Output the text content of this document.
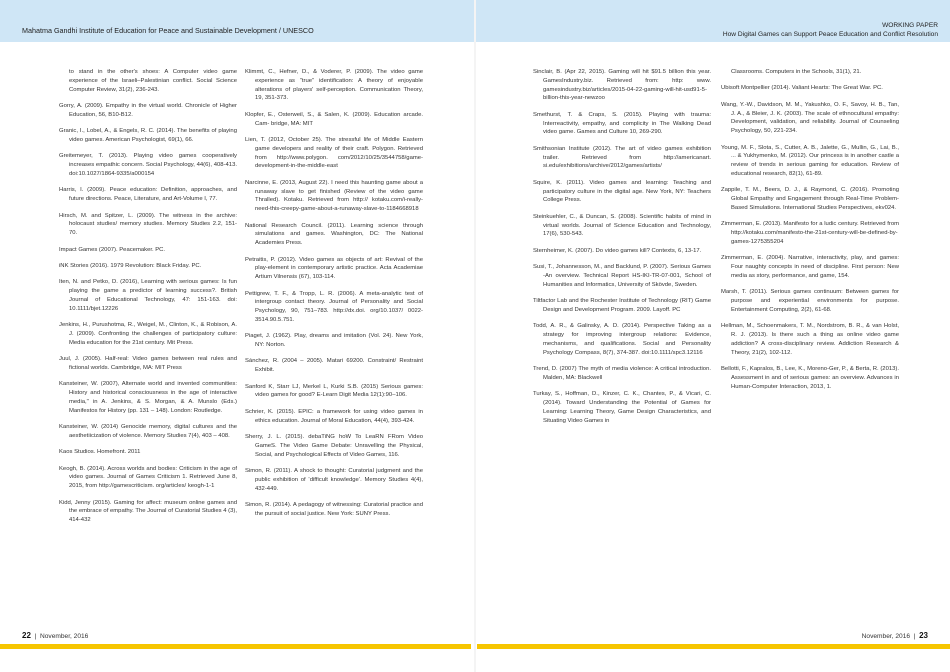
Mahatma Gandhi Institute of Education for Peace and Sustainable Development / UNESCO
WORKING PAPER
How Digital Games can Support Peace Education and Conflict Resolution
to stand in the other's shoes: A Computer video game experience of the Israeli–Palestinian conflict. Social Science Computer Review, 31(2), 236-243.
Gorry, A. (2009). Empathy in the virtual world. Chronicle of Higher Education, 56, B10-B12.
Granic, I., Lobel, A., & Engels, R. C. (2014). The benefits of playing video games. American Psychologist, 69(1), 66.
Greitemeyer, T. (2013). Playing video games cooperatively increases empathic concern. Social Psychology, 44(6), 408-413. doi:10.1027/1864-9335/a000154
Harris, I. (2009). Peace education: Definition, approaches, and future directions. Peace, Literature, and Art-Volume I, 77.
Hirsch, M. and Spitzer, L. (2009). The witness in the archive: holocaust studies/ memory studies. Memory Studies 2.2, 151-70.
Impact Games (2007). Peacemaker. PC.
iNK Stories (2016). 1979 Revolution: Black Friday. PC.
Iten, N. and Petko, D. (2016), Learning with serious games: Is fun playing the game a predictor of learning success?. British Journal of Educational Technology, 47: 151-163. doi: 10.1111/bjet.12226
Jenkins, H., Purushotma, R., Weigel, M., Clinton, K., & Robison, A. J. (2009). Confronting the challenges of participatory culture: Media education for the 21st century. Mit Press.
Juul, J. (2005). Half-real: Video games between real rules and fictional worlds. Cambridge, MA: MIT Press
Kansteiner, W. (2007), Alternate world and invented communities: History and historical consciousness in the age of interactive media," in A. Jenkins, & S. Morgan, & A. Munslo (Eds.) Manifestos for History (pp. 131 – 148). London: Routledge.
Kansteiner, W. (2014) Genocide memory, digital cultures and the aesthetiicization of violence. Memory Studies 7(4), 403 – 408.
Kaos Studios. Homefront. 2011
Keogh, B. (2014). Across worlds and bodies: Criticism in the age of video games. Journal of Games Criticism 1. Retrieved June 8, 2015, from http://gamescriticism. org/articles/ keogh-1-1
Kidd, Jenny (2015). Gaming for affect: museum online games and the embrace of empathy. The Journal of Curatorial Studies 4 (3), 414-432
Klimmt, C., Hefner, D., & Voderer, P. (2009). The video game experience as “true” identification: A theory of enjoyable alterations of players' self-perception. Communication Theory, 19, 351-373.
Klopfer, E., Osterweil, S., & Salen, K. (2009). Education arcade. Cam- bridge, MA: MIT
Lien, T. (2012, October 25). The stressful life of Middle Eastern game developers and reality of their craft. Polygon. Retrieved from http://www.polygon. com/2012/10/25/3544758/game-development-in-the-middle-east
Narcinne, E. (2013, August 22). I need this haunting game about a runaway slave to get finished (Review of the video game Thralled). Kotaku. Retrieved from http:// kotaku.com/i-really-need-this-creepy-game-about-a-runaway-slave-to-1184668918
National Research Council. (2011). Learning science through simulations and games. Washington, DC: The National Academies Press.
Petraitis, P. (2012). Video games as objects of art: Revival of the play-element in contemporary artistic practice. Acta Academiae Artium Vilnensis (67), 103-114.
Pettigrew, T. F., & Tropp, L. R. (2006). A meta-analytic test of intergroup contact theory. Journal of Personality and Social Psychology, 90, 751–783. http://dx.doi. org/10.1037/ 0022-3514.90.5.751.
Piaget, J. (1962). Play, dreams and imitation (Vol. 24). New York, NY: Norton.
Sánchez, R. (2004 – 2005). Matari 69200. Constraint/ Restraint Exhibit.
Sanford K, Starr LJ, Merkel L, Kurki S.B. (2015) Serious games: video games for good? E-Learn Digit Media 12(1):90–106.
Schrier, K. (2015). EPIC: a framework for using video games in ethics education. Journal of Moral Education, 44(4), 393-424.
Sherry, J. L. (2015). debaTiNG hoW To LeaRN FRom Video GameS. The Video Game Debate: Unravelling the Physical, Social, and Psychological Effects of Video Games, 116.
Simon, R. (2011). A shock to thought: Curatorial judgment and the public exhibition of ‘difficult knowledge’. Memory Studies 4(4), 432-449.
Simon, R. (2014). A pedagogy of witnessing: Curatorial practice and the pursuit of social justice. New York: SUNY Press.
Sinclair, B. (Apr 22, 2015). Gaming will hit $91.5 billion this year. GamesIndustry.biz. Retrieved from: http: www. gamesindustry.biz/articles/2015-04-22-gaming-will-hit-usd91-5-billion-this-year-newzoo
Smethurst, T. & Craps, S. (2015). Playing with trauma: Interreactivity, empathy, and complicity in The Walking Dead video game. Games and Culture 10, 269-290.
Smithsonian Institute (2012). The art of video games exhibition trailer. Retrieved from http://americanart. si.edu/exhibitions/archive/2012/games/artists/
Squire, K. (2011). Video games and learning: Teaching and participatory culture in the digital age. New York, NY: Teachers College Press.
Steinkuehler, C., & Duncan, S. (2008). Scientific habits of mind in virtual worlds. Journal of Science Education and Technology, 17(6), 530-543.
Sternheimer, K. (2007). Do video games kill? Contexts, 6, 13-17.
Susi, T., Johannesson, M., and Backlund, P. (2007). Serious Games -An overview. Technical Report HS-IKI-TR-07-001, School of Humanities and Informatics, University of Skövde, Sweden.
Tiltfactor Lab and the Rochester Institute of Technology (RIT) Game Design and Development Program. 2009. Layoff. PC
Todd, A. R., & Galinsky, A. D. (2014). Perspective Taking as a strategy for improving intergroup relations: Evidence, mechanisms, and qualifications. Social and Personality Psychology Compass, 8(7), 374-387. doi:10.1111/spc3.12116
Trend, D. (2007) The myth of media violence: A critical introduction. Malden, MA: Blackwell
Turkay, S., Hoffman, D., Kinzer, C. K., Chantes, P., & Vicari, C. (2014). Toward Understanding the Potential of Games for Learning: Learning Theory, Game Design Characteristics, and Situating Video Games in
Classrooms. Computers in the Schools, 31(1), 21.
Ubisoft Montpellier (2014). Valiant Hearts: The Great War. PC.
Wang, Y.-W., Davidson, M. M., Yakushko, O. F., Savoy, H. B., Tan, J. A., & Bleier, J. K. (2003). The scale of ethnocultural empathy: Development, validation, and reliability. Journal of Counseling Psychology, 50, 221-234.
Young, M. F., Slota, S., Cutter, A. B., Jalette, G., Mullin, G., Lai, B., ... & Yukhymenko, M. (2012). Our princess is in another castle a review of trends in serious gaming for education. Review of educational research, 82(1), 61-89.
Zappile, T. M., Beers, D. J., & Raymond, C. (2016). Promoting Global Empathy and Engagement through Real-Time Problem-Based Simulations. International Studies Perspectives, ekv024.
Zimmerman, E. (2013). Manifesto for a ludic century. Retrieved from http://kotaku.com/manifesto-the-21st-century-will-be-defined-by-games-1275355204
Zimmerman, E. (2004). Narrative, interactivity, play, and games: Four naughty concepts in need of discipline. First person: New media as story, performance, and game, 154.
Marsh, T. (2011). Serious games continuum: Between games for purpose and experiential environments for purpose. Entertainment Computing, 2(2), 61-68.
Hellman, M., Schoenmakers, T. M., Nordstrom, B. R., & van Holst, R. J. (2013). Is there such a thing as online video game addiction? A cross-disciplinary review. Addiction Research & Theory, 21(2), 102-112.
Bellotti, F., Kapralos, B., Lee, K., Moreno-Ger, P., & Berta, R. (2013). Assessment in and of serious games: an overview. Advances in Human-Computer Interaction, 2013, 1.
22 | November, 2016	November, 2016 | 23
